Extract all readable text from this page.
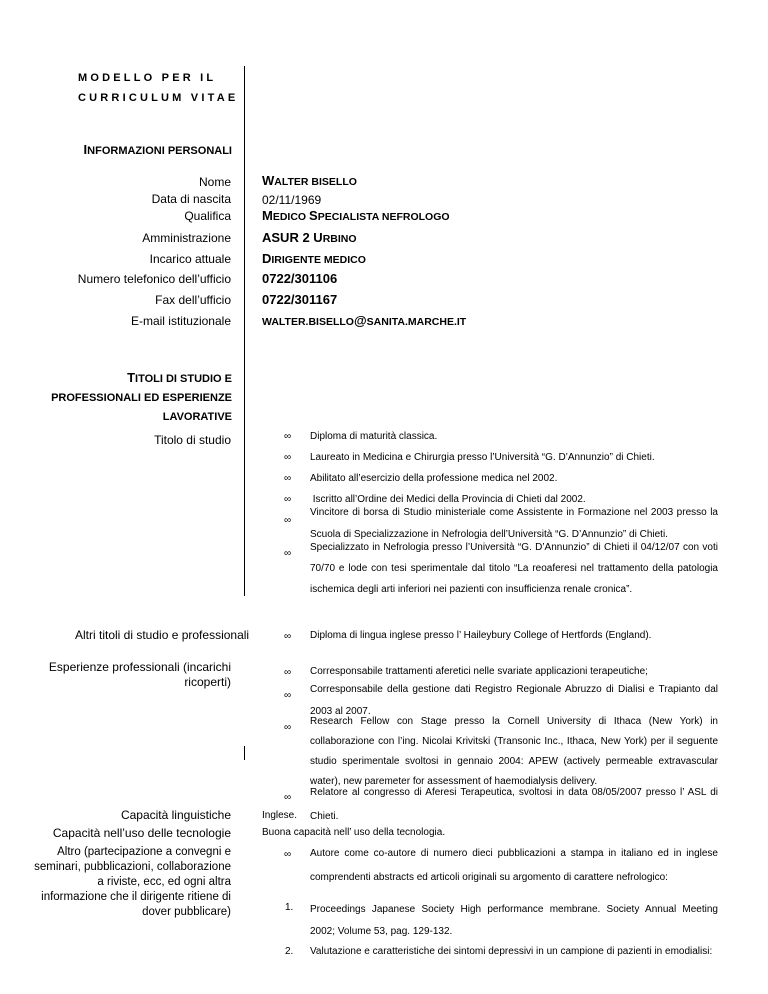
MODELLO PER IL
CURRICULUM VITAE
INFORMAZIONI PERSONALI
Nome WALTER BISELLO
Data di nascita	02/11/1969
Qualifica MEDICO SPECIALISTA NEFROLOGO
Amministrazione ASUR 2 URBINO
Incarico attuale DIRIGENTE MEDICO
Numero telefonico dell’ufficio 0722/301106
Fax dell’ufficio 0722/301167
E-mail istituzionale	WALTER.BISELLO@SANITA.MARCHE.IT
TITOLI DI STUDIO E
PROFESSIONALI ED ESPERIENZE
LAVORATIVE
Titolo di studio	∞ Diploma di maturità classica.
∞ Laureato in Medicina e Chirurgia presso l’Università “G. D’Annunzio” di Chieti.
∞ Abilitato all’esercizio della professione medica nel 2002.
∞ Iscritto all’Ordine dei Medici della Provincia di Chieti dal 2002.
∞
Vincitore di borsa di Studio ministeriale come Assistente in Formazione nel 2003 presso la Scuola di Specializzazione in Nefrologia dell’Università “G. D’Annunzio” di Chieti.
∞
Specializzato in Nefrologia presso l’Università “G. D’Annunzio” di Chieti il 04/12/07 con voti 70/70 e lode con tesi sperimentale dal titolo “La reoaferesi nel trattamento della patologia ischemica degli arti inferiori nei pazienti con insufficienza renale cronica”.
Altri titoli di studio e professionali	∞ Diploma di lingua inglese presso l’ Haileybury College of Hertfords (England).
Esperienze professionali (incarichi
ricoperti)
∞ Corresponsabile trattamenti aferetici nelle svariate applicazioni terapeutiche;
∞
Corresponsabile della gestione dati Registro Regionale Abruzzo di Dialisi e Trapianto dal 2003 al 2007.
∞
Research Fellow con Stage presso la Cornell University di Ithaca (New York) in collaborazione con l’ing. Nicolai Krivitski (Transonic Inc., Ithaca, New York) per il seguente studio sperimentale svoltosi in gennaio 2004: APEW (actively permeable extravascular water), new paremeter for assessment of haemodialysis delivery.
∞ Relatore al congresso di Aferesi Terapeutica, svoltosi in data 08/05/2007 presso l’ ASL di Chieti.
Capacità linguistiche	Inglese.
Capacità nell’uso delle tecnologie	Buona capacità nell’ uso della tecnologia.
Altro (partecipazione a convegni e
seminari, pubblicazioni, collaborazione
a riviste, ecc, ed ogni altra
informazione che il dirigente ritiene di
dover pubblicare)
∞ Autore come co-autore di numero dieci pubblicazioni a stampa in italiano ed in inglese comprendenti abstracts ed articoli originali su argomento di carattere nefrologico:
1. Proceedings Japanese Society High performance membrane. Society Annual Meeting 2002; Volume 53, pag. 129-132.
2. Valutazione e caratteristiche dei sintomi depressivi in un campione di pazienti in emodialisi:
